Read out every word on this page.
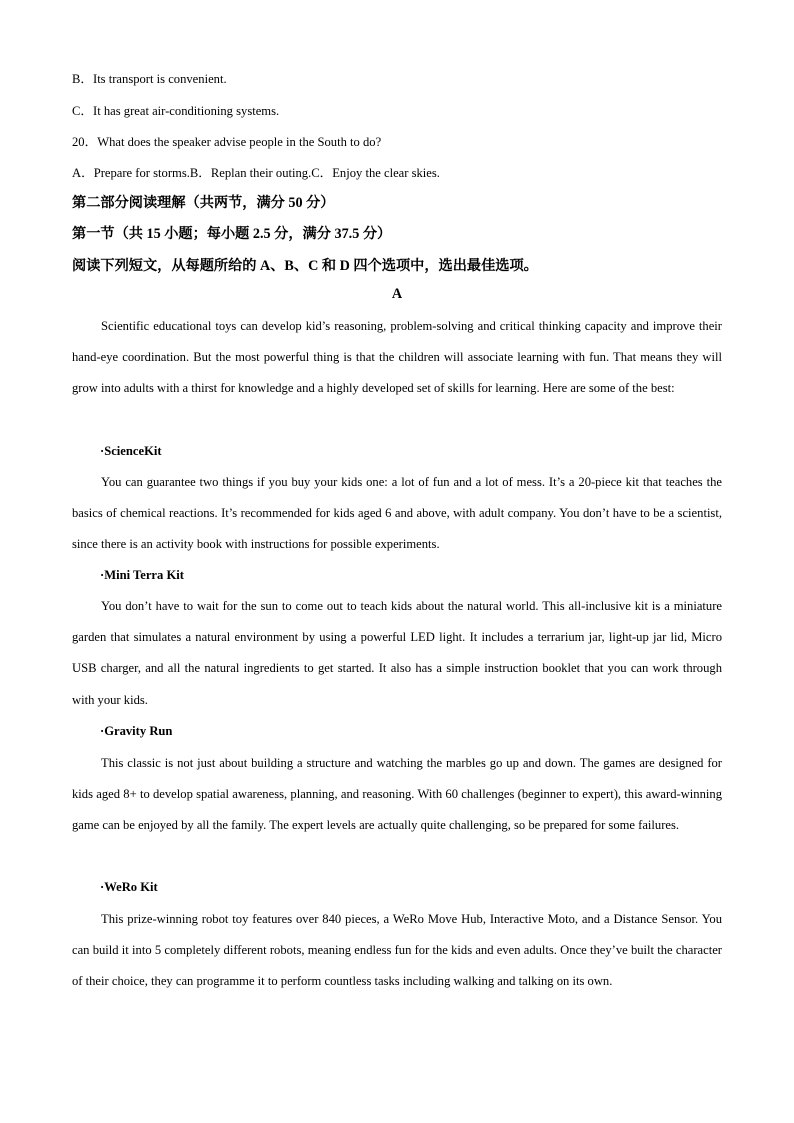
B．Its transport is convenient.
C．It has great air-conditioning systems.
20．What does the speaker advise people in the South to do?
A．Prepare for storms.B．Replan their outing.C．Enjoy the clear skies.
第二部分阅读理解（共两节，满分 50 分）
第一节（共 15 小题；每小题 2.5 分，满分 37.5 分）
阅读下列短文，从每题所给的 A、B、C 和 D 四个选项中，选出最佳选项。
A
Scientific educational toys can develop kid’s reasoning, problem-solving and critical thinking capacity and improve their hand-eye coordination. But the most powerful thing is that the children will associate learning with fun. That means they will grow into adults with a thirst for knowledge and a highly developed set of skills for learning. Here are some of the best:
·ScienceKit
You can guarantee two things if you buy your kids one: a lot of fun and a lot of mess. It’s a 20-piece kit that teaches the basics of chemical reactions. It’s recommended for kids aged 6 and above, with adult company. You don’t have to be a scientist, since there is an activity book with instructions for possible experiments.
·Mini Terra Kit
You don’t have to wait for the sun to come out to teach kids about the natural world. This all-inclusive kit is a miniature garden that simulates a natural environment by using a powerful LED light. It includes a terrarium jar, light-up jar lid, Micro USB charger, and all the natural ingredients to get started. It also has a simple instruction booklet that you can work through with your kids.
·Gravity Run
This classic is not just about building a structure and watching the marbles go up and down. The games are designed for kids aged 8+ to develop spatial awareness, planning, and reasoning. With 60 challenges (beginner to expert), this award-winning game can be enjoyed by all the family. The expert levels are actually quite challenging, so be prepared for some failures.
·WeRo Kit
This prize-winning robot toy features over 840 pieces, a WeRo Move Hub, Interactive Moto, and a Distance Sensor. You can build it into 5 completely different robots, meaning endless fun for the kids and even adults. Once they’ve built the character of their choice, they can programme it to perform countless tasks including walking and talking on its own.
